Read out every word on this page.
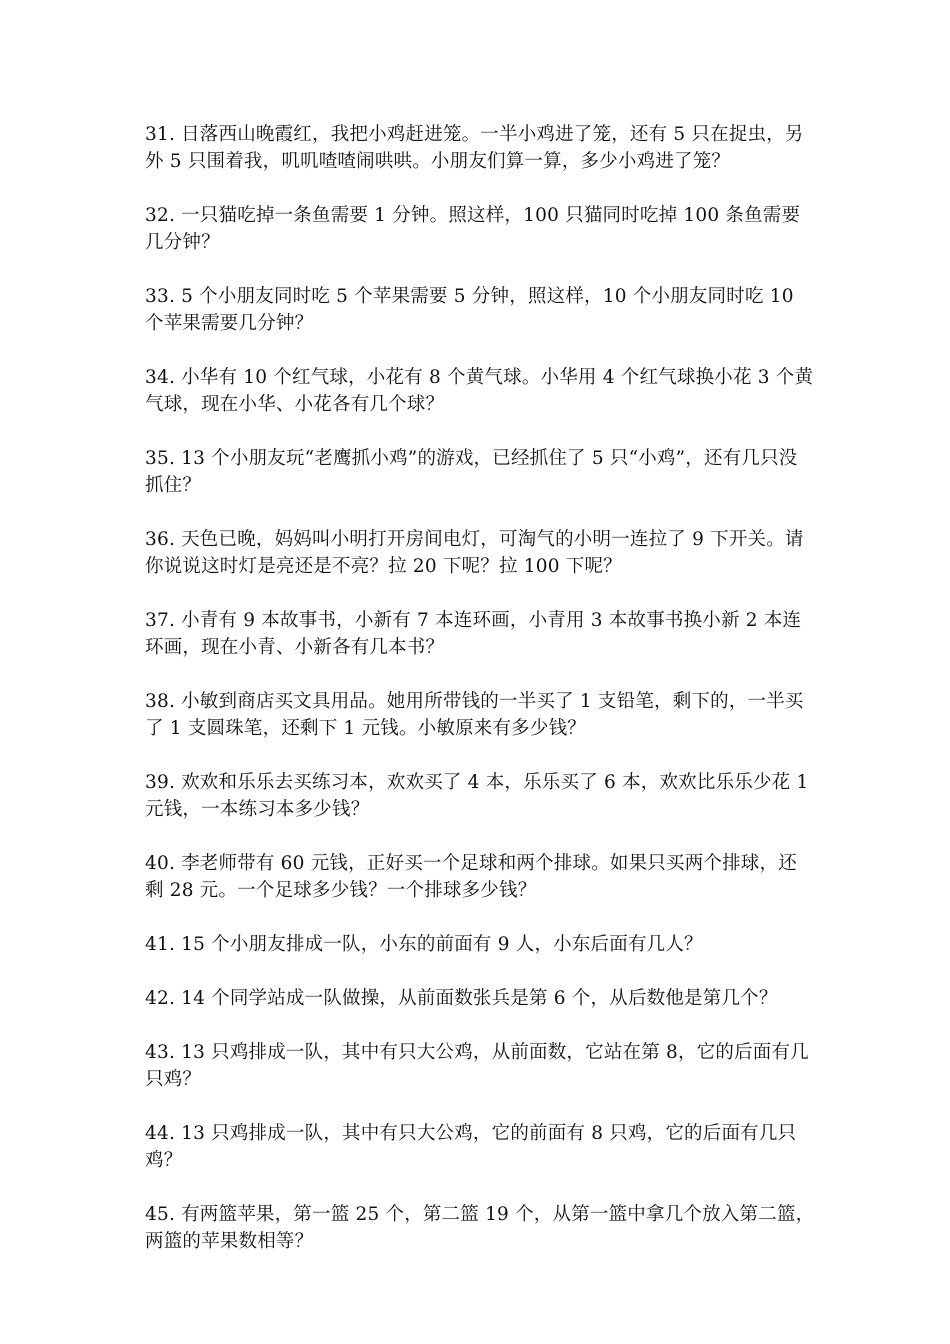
31. 日落西山晚霞红，我把小鸡赶进笼。一半小鸡进了笼，还有 5 只在捉虫，另外 5 只围着我，叽叽喳喳闹哄哄。小朋友们算一算，多少小鸡进了笼？

32. 一只猫吃掉一条鱼需要 1 分钟。照这样，100 只猫同时吃掉 100 条鱼需要几分钟？

33. 5 个小朋友同时吃 5 个苹果需要 5 分钟，照这样，10 个小朋友同时吃 10 个苹果需要几分钟？

34. 小华有 10 个红气球，小花有 8 个黄气球。小华用 4 个红气球换小花 3 个黄气球，现在小华、小花各有几个球？

35. 13 个小朋友玩“老鹰抓小鸡”的游戏，已经抓住了 5 只“小鸡”，还有几只没抓住？

36. 天色已晚，妈妈叫小明打开房间电灯，可淘气的小明一连拉了 9 下开关。请你说说这时灯是亮还是不亮？拉 20 下呢？拉 100 下呢？

37. 小青有 9 本故事书，小新有 7 本连环画，小青用 3 本故事书换小新 2 本连环画，现在小青、小新各有几本书？

38. 小敏到商店买文具用品。她用所带钱的一半买了 1 支铅笔，剩下的，一半买了 1 支圆珠笔，还剩下 1 元钱。小敏原来有多少钱？

39. 欢欢和乐乐去买练习本，欢欢买了 4 本，乐乐买了 6 本，欢欢比乐乐少花 1 元钱，一本练习本多少钱？

40. 李老师带有 60 元钱，正好买一个足球和两个排球。如果只买两个排球，还剩 28 元。一个足球多少钱？一个排球多少钱？

41. 15 个小朋友排成一队，小东的前面有 9 人，小东后面有几人？

42. 14 个同学站成一队做操，从前面数张兵是第 6 个，从后数他是第几个？

43. 13 只鸡排成一队，其中有只大公鸡，从前面数，它站在第 8，它的后面有几只鸡？

44. 13 只鸡排成一队，其中有只大公鸡，它的前面有 8 只鸡，它的后面有几只鸡？

45. 有两篮苹果，第一篮 25 个，第二篮 19 个，从第一篮中拿几个放入第二篮，两篮的苹果数相等？
